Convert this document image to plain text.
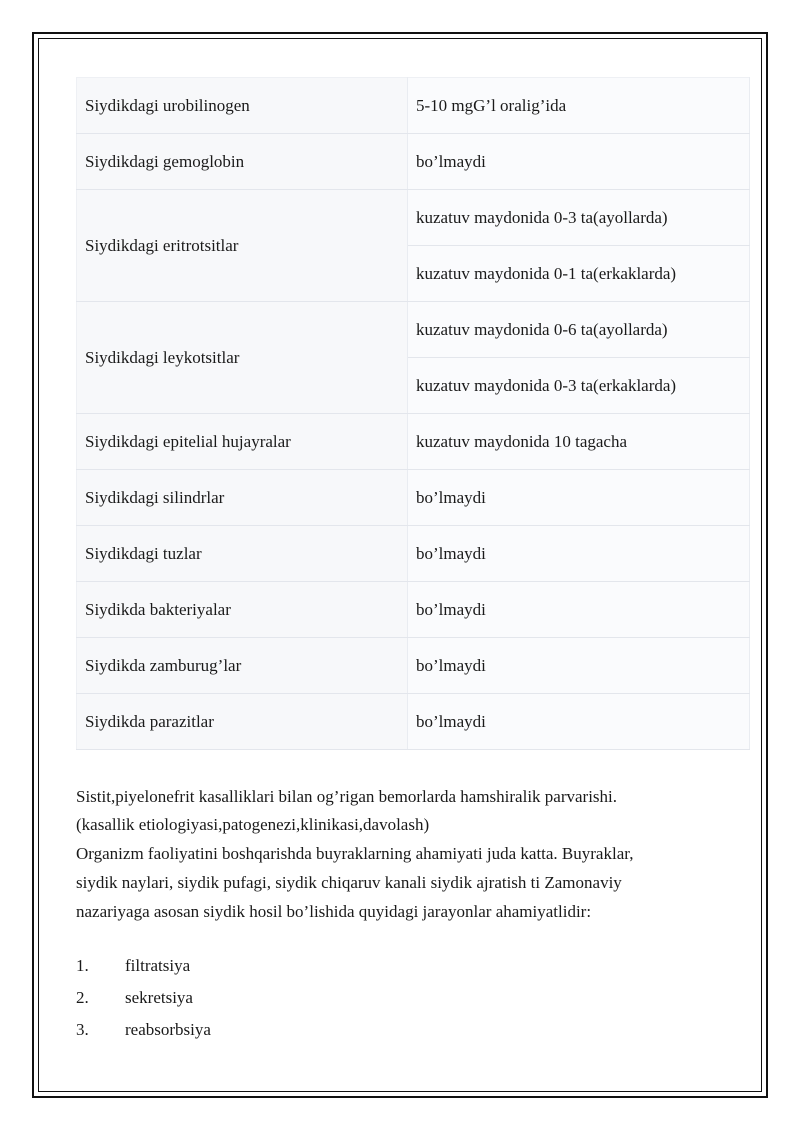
Siydikdagi urobilinogen	5-10 mgG’l oralig’ida
Siydikdagi gemoglobin	bo’lmaydi
Siydikdagi eritrotsitlar	kuzatuv maydonida 0-3 ta(ayollarda)
	kuzatuv maydonida 0-1 ta(erkaklarda)
Siydikdagi leykotsitlar	kuzatuv maydonida 0-6 ta(ayollarda)
	kuzatuv maydonida 0-3 ta(erkaklarda)
Siydikdagi epitelial hujayralar	kuzatuv maydonida 10 tagacha
Siydikdagi silindrlar	bo’lmaydi
Siydikdagi tuzlar	bo’lmaydi
Siydikda bakteriyalar	bo’lmaydi
Siydikda zamburug’lar	bo’lmaydi
Siydikda parazitlar	bo’lmaydi

Sistit,piyelonefrit kasalliklari bilan og’rigan bemorlarda hamshiralik parvarishi.

(kasallik etiologiyasi,patogenezi,klinikasi,davolash)

Organizm faoliyatini boshqarishda buyraklarning ahamiyati juda katta. Buyraklar,

siydik naylari, siydik pufagi, siydik chiqaruv kanali siydik ajratish ti Zamonaviy

nazariyaga asosan siydik hosil bo’lishida quyidagi jarayonlar ahamiyatlidir:

1.	filtratsiya
2.	sekretsiya
3.	reabsorbsiya
